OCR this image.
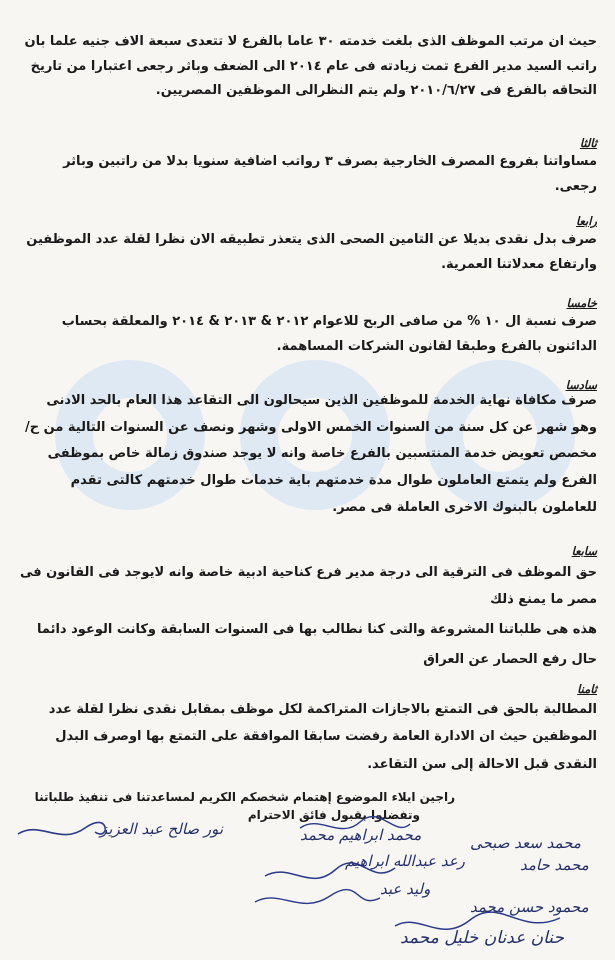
حيث ان مرتب الموظف الذى بلغت خدمته ٣٠ عاما بالفرع لا تتعدى سبعة الاف جنيه علما بان راتب السيد مدير الفرع تمت زيادته فى عام ٢٠١٤ الى الضعف وباثر رجعى اعتبارا من تاريخ التحاقه بالفرع فى ٢٠١٠/٦/٢٧ ولم يتم النظرالى الموظفين المصريين.

ثالثا

مساواتنا بفروع المصرف الخارجية بصرف ٣ رواتب اضافية سنويا بدلا من راتبين وباثر رجعى.

رابعا

صرف بدل نقدى بديلا عن التامين الصحى الذى يتعذر تطبيقه الان نظرا لقلة عدد الموظفين وارتفاع معدلاتنا العمرية.

خامسا

صرف نسبة ال ١٠ % من صافى الربح للاعوام ٢٠١٢ & ٢٠١٣ & ٢٠١٤ والمعلقة بحساب الدائنون بالفرع وطبقا لقانون الشركات المساهمة.

سادسا

صرف مكافاة نهاية الخدمة للموظفين الذين سيحالون الى التقاعد هذا العام بالحد الادنى وهو شهر عن كل سنة من السنوات الخمس الاولى وشهر ونصف عن السنوات التالية من ح/ مخصص تعويض خدمة المنتسبين بالفرع خاصة وانه لا يوجد صندوق زمالة خاص بموظفى الفرع ولم يتمتع العاملون طوال مدة خدمتهم باية خدمات طوال خدمتهم كالتى تقدم للعاملون بالبنوك الاخرى العاملة فى مصر.

سابعا

حق الموظف فى الترقية الى درجة مدير فرع كناحية ادبية خاصة وانه لايوجد فى القانون فى مصر ما يمنع ذلك

هذه هى طلباتنا المشروعة والتى كنا نطالب بها فى السنوات السابقة وكانت الوعود دائما حال رفع الحصار عن العراق

ثامنا

المطالبة بالحق فى التمتع بالاجازات المتراكمة لكل موظف بمقابل نقدى نظرا لقلة عدد الموظفين حيث ان الادارة العامة رفضت سابقا الموافقة على التمتع بها اوصرف البدل النقدى قبل الاحالة إلى سن التقاعد.

راجين ايلاء الموضوع إهتمام شخصكم الكريم لمساعدتنا فى تنفيذ طلباتنا
وتفضلوا بقبول فائق الاحترام
نور صالح عبد العزيز	محمد ابراهيم محمد	محمد سعد صبحى
رعد عبدالله ابراهيم	محمد حامد
وليد عبد
محمود حسن محمد
حنان عدنان خليل محمد
